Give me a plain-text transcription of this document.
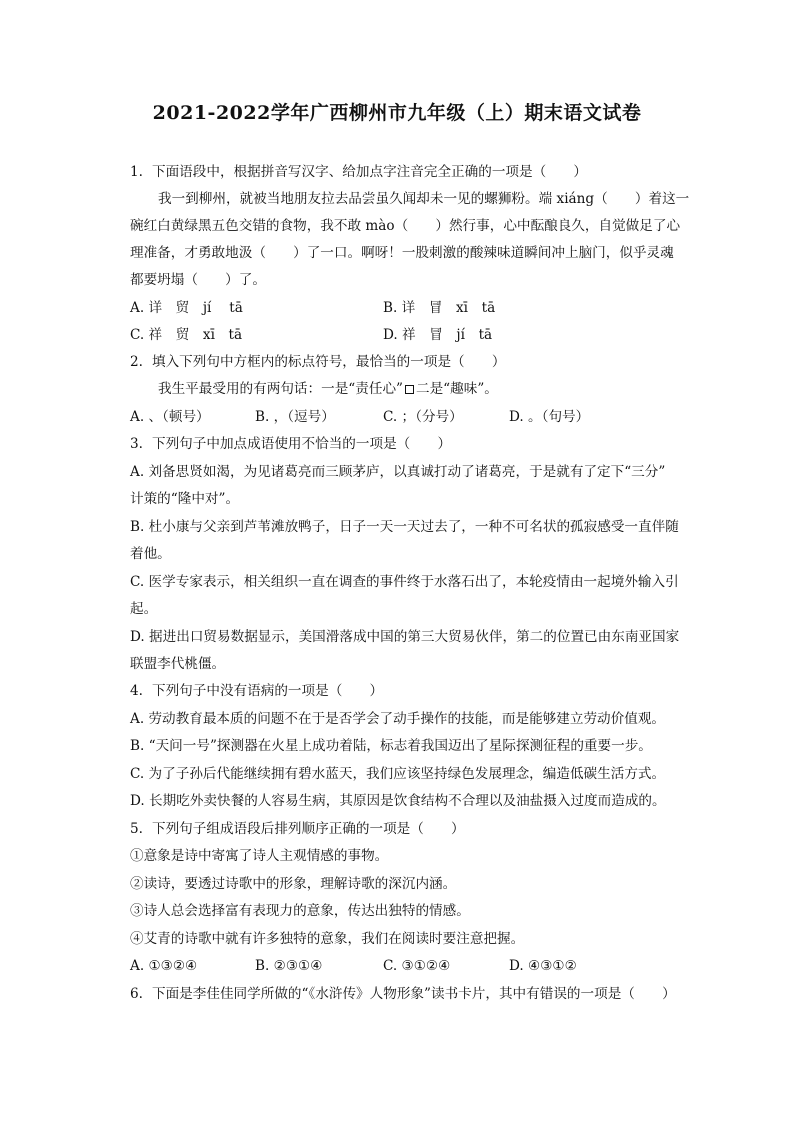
2021-2022学年广西柳州市九年级（上）期末语文试卷
1. 下面语段中，根据拼音写汉字、给加点字注音完全正确的一项是（　　）
我一到柳州，就被当地朋友拉去品尝虽久闻却未一见的螺狮粉。端 xiáng（　　）着这一
碗红白黄绿黑五色交错的食物，我不敢 mào（　　）然行事，心中酝酿良久，自觉做足了心
理准备，才勇敢地汲（　　）了一口。啊呀！一股刺激的酸辣味道瞬间冲上脑门，似乎灵魂
都要坍塌（　　）了。
A. 详　贸　jí　 tā	B. 详　冒　xī　tā
C. 祥　贸　xī　tā	D. 祥　冒　jí　tā
2. 填入下列句中方框内的标点符号，最恰当的一项是（　　）
我生平最受用的有两句话：一是“责任心” 二是“趣味”。
A. 、（顿号）	B. ，（逗号）	C. ；（分号）	D. 。（句号）
3. 下列句子中加点成语使用不恰当的一项是（　　）
A. 刘备思贤如渴，为见诸葛亮而三顾茅庐，以真诚打动了诸葛亮，于是就有了定下“三分”
计策的“隆中对”。
B. 杜小康与父亲到芦苇滩放鸭子，日子一天一天过去了，一种不可名状的孤寂感受一直伴随
着他。
C. 医学专家表示，相关组织一直在调查的事件终于水落石出了，本轮疫情由一起境外输入引
起。
D. 据进出口贸易数据显示，美国滑落成中国的第三大贸易伙伴，第二的位置已由东南亚国家
联盟李代桃僵。
4. 下列句子中没有语病的一项是（　　）
A. 劳动教育最本质的问题不在于是否学会了动手操作的技能，而是能够建立劳动价值观。
B. “天问一号”探测器在火星上成功着陆，标志着我国迈出了星际探测征程的重要一步。
C. 为了子孙后代能继续拥有碧水蓝天，我们应该坚持绿色发展理念，编造低碳生活方式。
D. 长期吃外卖快餐的人容易生病，其原因是饮食结构不合理以及油盐摄入过度而造成的。
5. 下列句子组成语段后排列顺序正确的一项是（　　）
①意象是诗中寄寓了诗人主观情感的事物。
②读诗，要透过诗歌中的形象，理解诗歌的深沉内涵。
③诗人总会选择富有表现力的意象，传达出独特的情感。
④艾青的诗歌中就有许多独特的意象，我们在阅读时要注意把握。
A. ①③②④	B. ②③①④	C. ③①②④	D. ④③①②
6. 下面是李佳佳同学所做的“《水浒传》人物形象”读书卡片，其中有错误的一项是（　　）
